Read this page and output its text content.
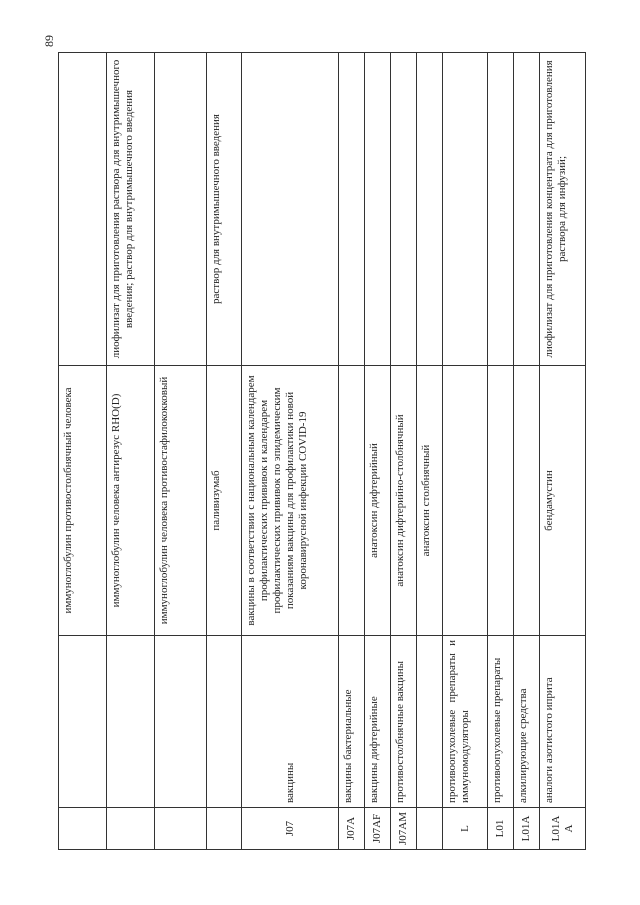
		иммуноглобулин противостолбнячный человека	
		иммуноглобулин человека антирезус RHO(D)	лиофилизат для приготовления раствора для внутримышечного введения; раствор для внутримышечного введения
		иммуноглобулин человека противостафилококковый	
		паливизумаб	раствор для внутримышечного введения
J07	вакцины	вакцины в соответствии с национальным календарем профилактических прививок и календарем профилактических прививок по эпидемическим показаниям вакцины для профилактики новой коронавирусной инфекции COVID-19	
J07A	вакцины бактериальные		
J07AF	вакцины дифтерийные	анатоксин дифтерийный	
J07AM	противостолбнячные вакцины	анатоксин дифтерийно-столбнячный	
		анатоксин столбнячный	
L	противоопухолевые препараты и иммуномодуляторы		
L01	противоопухолевые препараты		
L01A	алкилирующие средства		
L01AA	аналоги азотистого иприта	бендамустин	лиофилизат для приготовления концентрата для приготовления раствора для инфузий;
89
